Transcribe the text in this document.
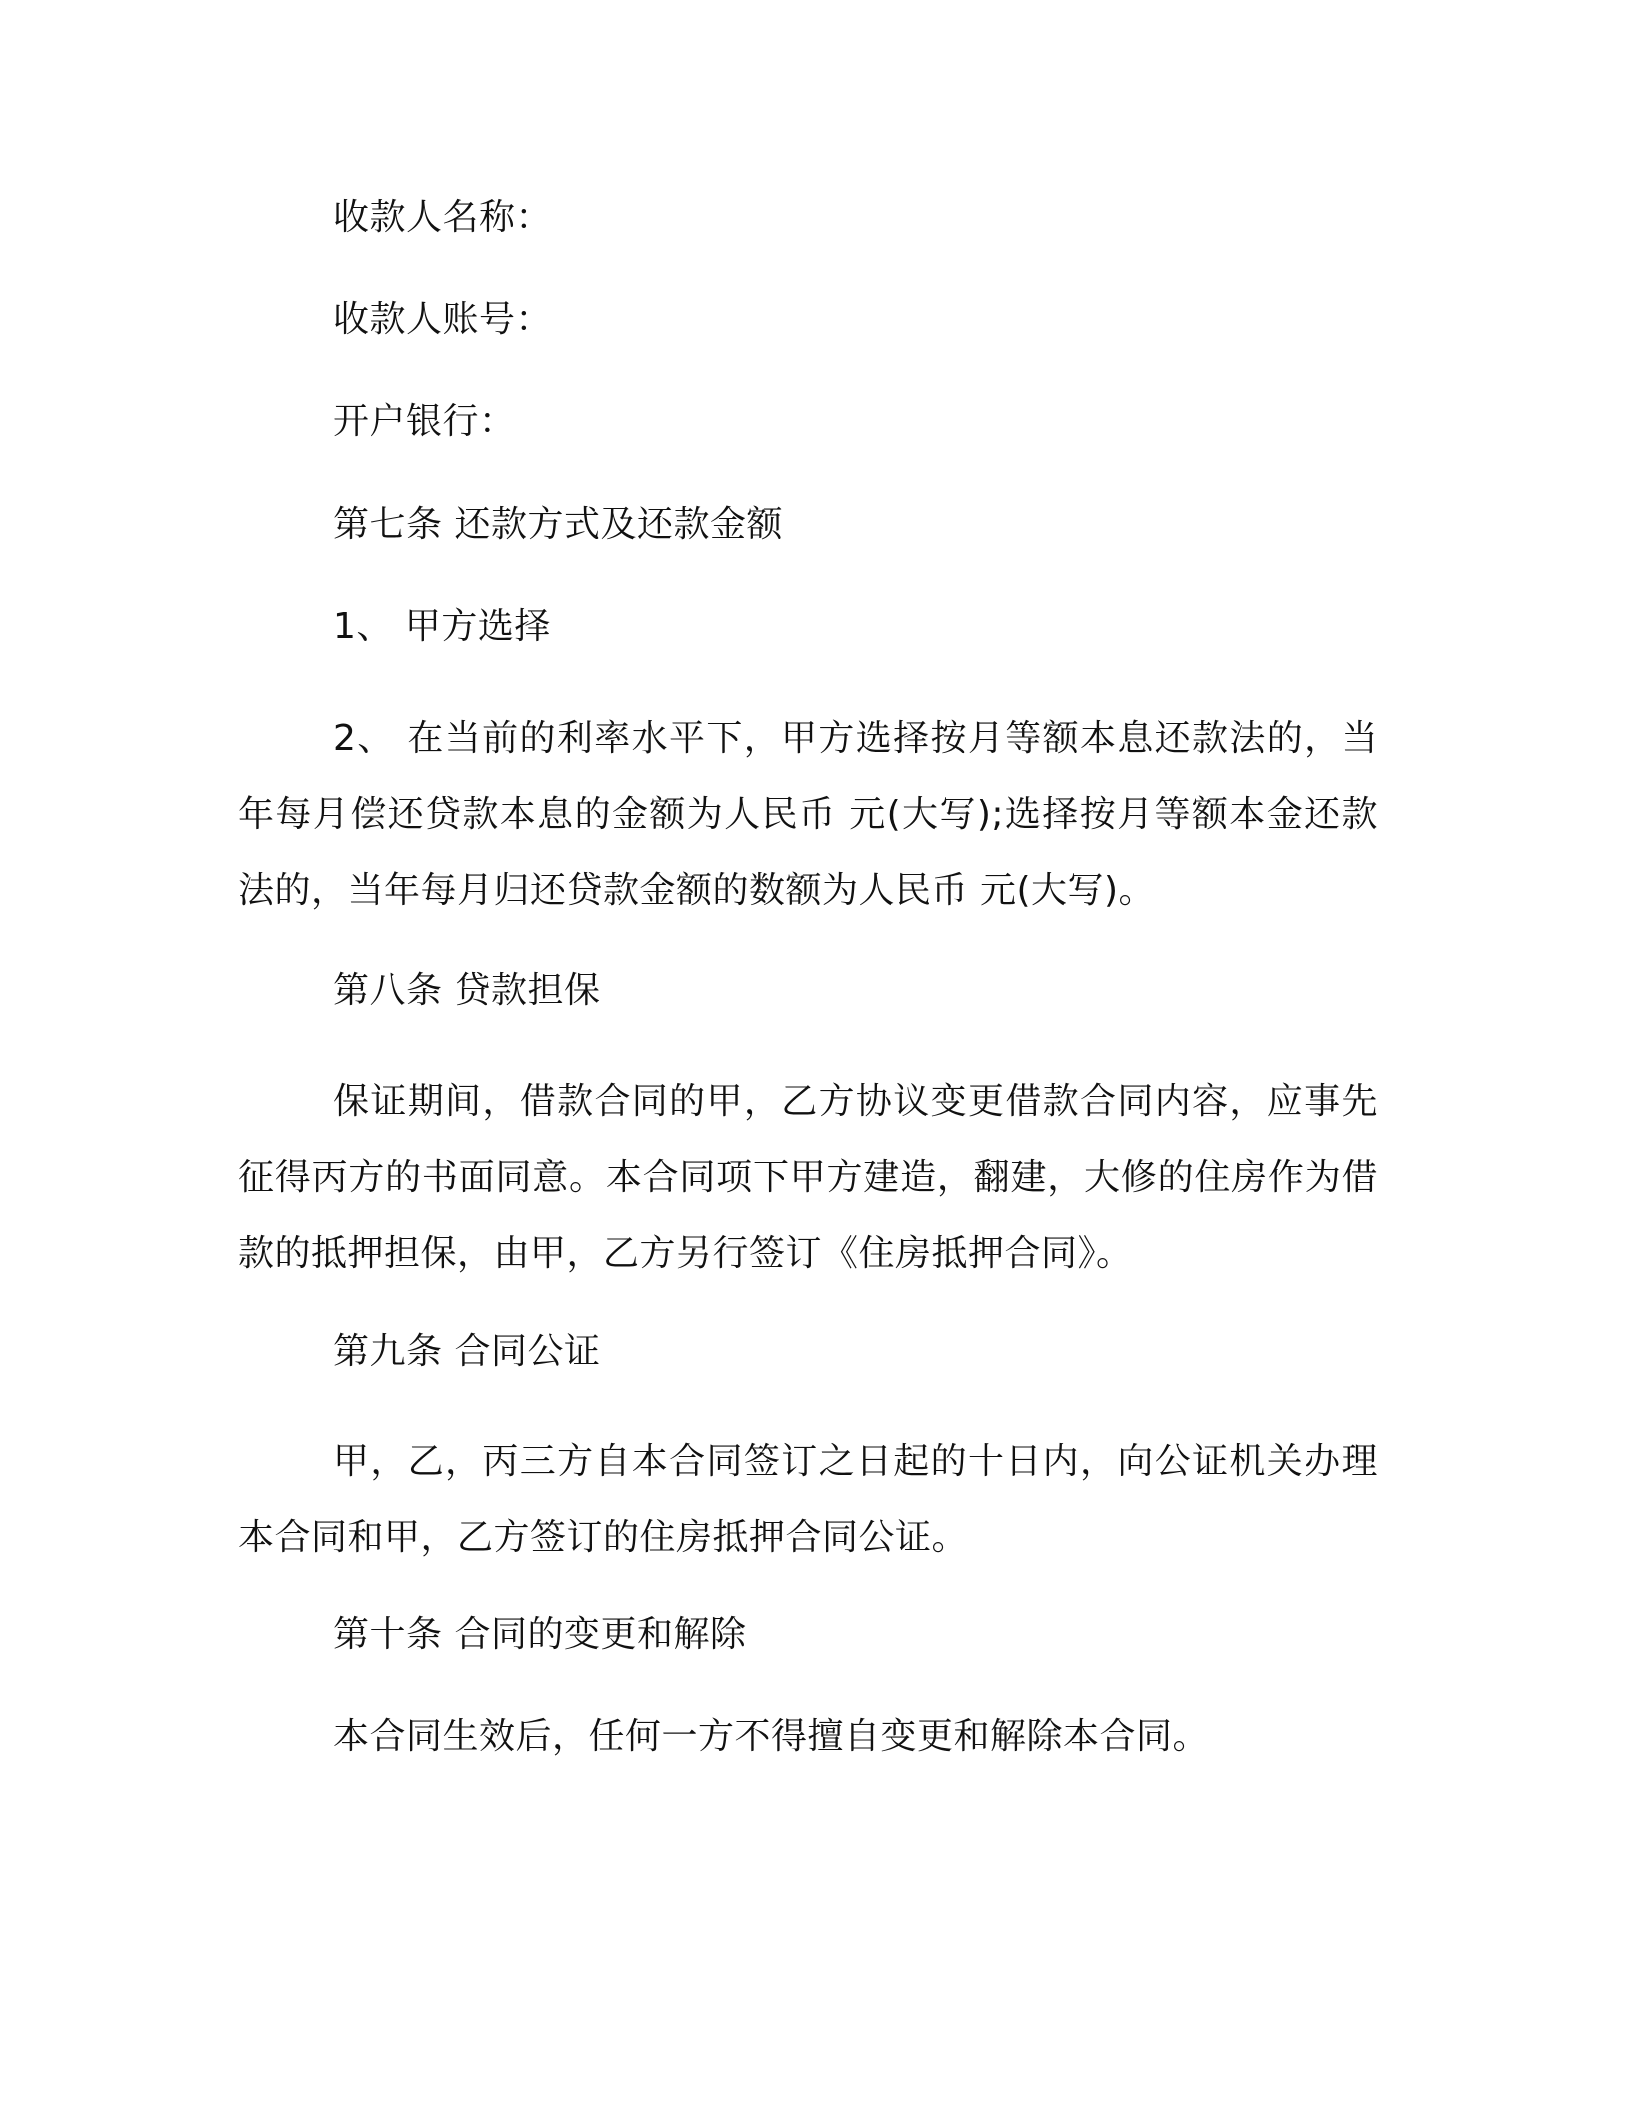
收款人名称：
收款人账号：
开户银行：
第七条 还款方式及还款金额
1、 甲方选择
2、 在当前的利率水平下，甲方选择按月等额本息还款法的，当年每月偿还贷款本息的金额为人民币 元(大写);选择按月等额本金还款法的，当年每月归还贷款金额的数额为人民币 元(大写)。
第八条 贷款担保
保证期间，借款合同的甲，乙方协议变更借款合同内容，应事先征得丙方的书面同意。本合同项下甲方建造，翻建，大修的住房作为借款的抵押担保，由甲，乙方另行签订《住房抵押合同》。
第九条 合同公证
甲，乙，丙三方自本合同签订之日起的十日内，向公证机关办理本合同和甲，乙方签订的住房抵押合同公证。
第十条 合同的变更和解除
本合同生效后，任何一方不得擅自变更和解除本合同。
